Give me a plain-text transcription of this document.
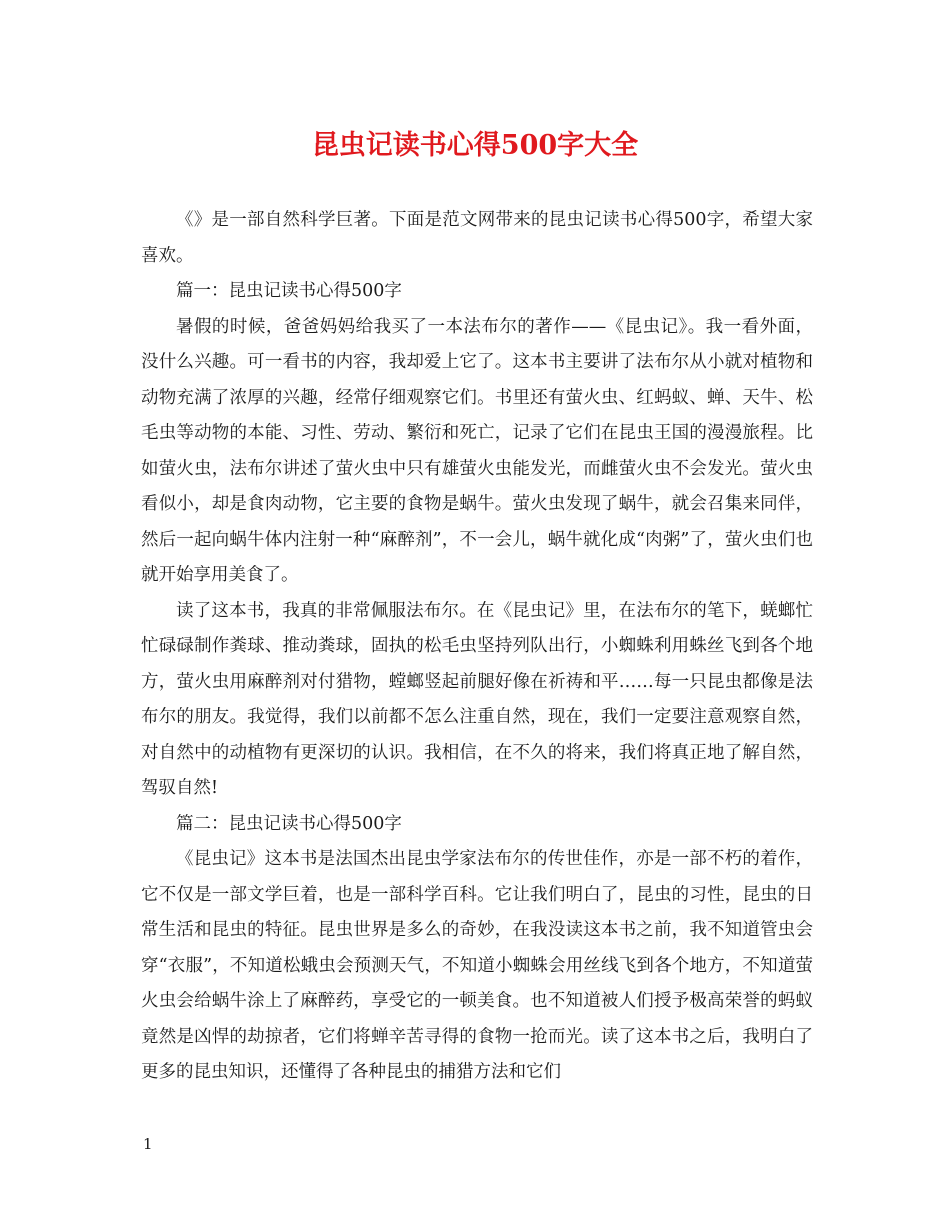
昆虫记读书心得500字大全

《》是一部自然科学巨著。下面是范文网带来的昆虫记读书心得500字，希望大家喜欢。

篇一：昆虫记读书心得500字

暑假的时候，爸爸妈妈给我买了一本法布尔的著作——《昆虫记》。我一看外面，没什么兴趣。可一看书的内容，我却爱上它了。这本书主要讲了法布尔从小就对植物和动物充满了浓厚的兴趣，经常仔细观察它们。书里还有萤火虫、红蚂蚁、蝉、天牛、松毛虫等动物的本能、习性、劳动、繁衍和死亡，记录了它们在昆虫王国的漫漫旅程。比如萤火虫，法布尔讲述了萤火虫中只有雄萤火虫能发光，而雌萤火虫不会发光。萤火虫看似小，却是食肉动物，它主要的食物是蜗牛。萤火虫发现了蜗牛，就会召集来同伴，然后一起向蜗牛体内注射一种“麻醉剂”，不一会儿，蜗牛就化成“肉粥”了，萤火虫们也就开始享用美食了。

读了这本书，我真的非常佩服法布尔。在《昆虫记》里，在法布尔的笔下，蜣螂忙忙碌碌制作粪球、推动粪球，固执的松毛虫坚持列队出行，小蜘蛛利用蛛丝飞到各个地方，萤火虫用麻醉剂对付猎物，螳螂竖起前腿好像在祈祷和平……每一只昆虫都像是法布尔的朋友。我觉得，我们以前都不怎么注重自然，现在，我们一定要注意观察自然，对自然中的动植物有更深切的认识。我相信，在不久的将来，我们将真正地了解自然，驾驭自然!

篇二：昆虫记读书心得500字

《昆虫记》这本书是法国杰出昆虫学家法布尔的传世佳作，亦是一部不朽的着作，它不仅是一部文学巨着，也是一部科学百科。它让我们明白了，昆虫的习性，昆虫的日常生活和昆虫的特征。昆虫世界是多么的奇妙，在我没读这本书之前，我不知道管虫会穿“衣服”，不知道松蛾虫会预测天气，不知道小蜘蛛会用丝线飞到各个地方，不知道萤火虫会给蜗牛涂上了麻醉药，享受它的一顿美食。也不知道被人们授予极高荣誉的蚂蚁竟然是凶悍的劫掠者，它们将蝉辛苦寻得的食物一抢而光。读了这本书之后，我明白了更多的昆虫知识，还懂得了各种昆虫的捕猎方法和它们

1
